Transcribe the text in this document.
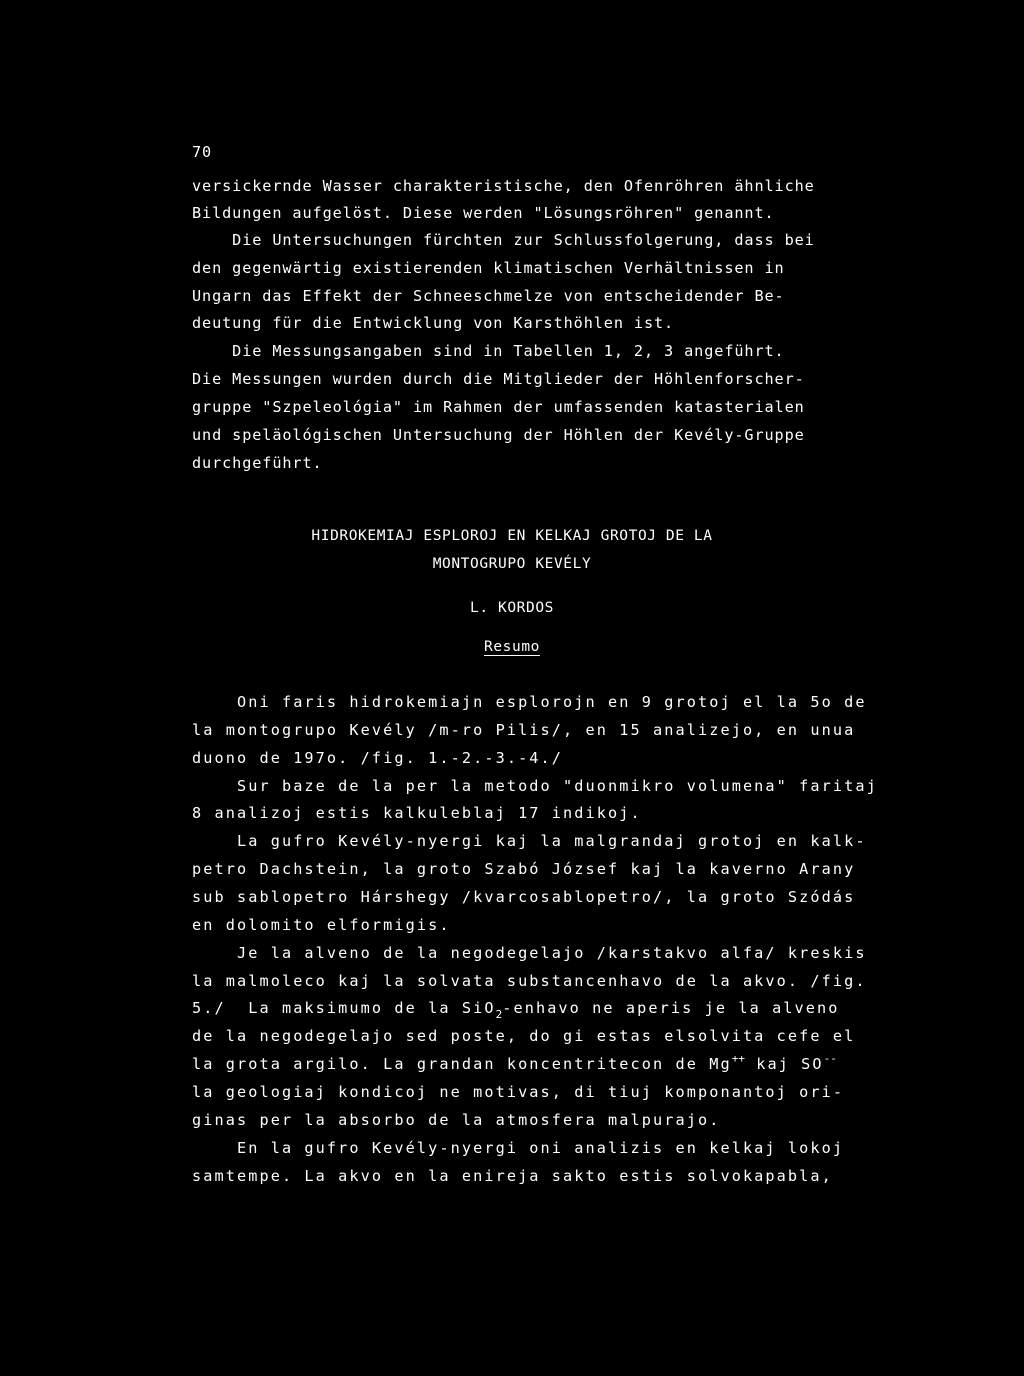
70
versickernde Wasser charakteristische, den Ofenröhren ähnliche
Bildungen aufgelöst. Diese werden "Lösungsröhren" genannt.
Die Untersuchungen fürchten zur Schlussfolgerung, dass bei
den gegenwärtig existierenden klimatischen Verhältnissen in
Ungarn das Effekt der Schneeschmelze von entscheidender Be-
deutung für die Entwicklung von Karsthöhlen ist.
Die Messungsangaben sind in Tabellen 1, 2, 3 angeführt.
Die Messungen wurden durch die Mitglieder der Höhlenforscher-
gruppe "Szpeleológia" im Rahmen der umfassenden katasterialen
und speläológischen Untersuchung der Höhlen der Kevély-Gruppe
durchgeführt.
HIDROKEMIAJ ESPLOROJ EN KELKAJ GROTOJ DE LA
MONTOGRUPO KEVÉLY
L. KORDOS
Resumo
Oni faris hidrokemiajn esplorojn en 9 grotoj el la 5o de
la montogrupo Kevély /m-ro Pilis/, en 15 analizejo, en unua
duono de 197o. /fig. 1.-2.-3.-4./
Sur baze de la per la metodo "duonmikro volumena" faritaj
8 analizoj estis kalkuleblaj 17 indikoj.
La gufro Kevély-nyergi kaj la malgrandaj grotoj en kalk-
petro Dachstein, la groto Szabó József kaj la kaverno Arany
sub sablopetro Hárshegy /kvarcosablopetro/, la groto Szódás
en dolomito elformigis.
Je la alveno de la negodegelajo /karstakvo alfa/ kreskis
la malmoleco kaj la solvata substancenhavo de la akvo. /fig.
5./  La maksimumo de la SiO$_2$-enhavo ne aperis je la alveno
de la negodegelajo sed poste, do gi estas elsolvita cefe el
la grota argilo. La grandan koncentritecon de Mg++ kaj SO--
la geologiaj kondicoj ne motivas, di tiuj komponantoj ori-
ginas per la absorbo de la atmosfera malpurajo.
En la gufro Kevély-nyergi oni analizis en kelkaj lokoj
samtempe. La akvo en la enireja sakto estis solvokapabla,
